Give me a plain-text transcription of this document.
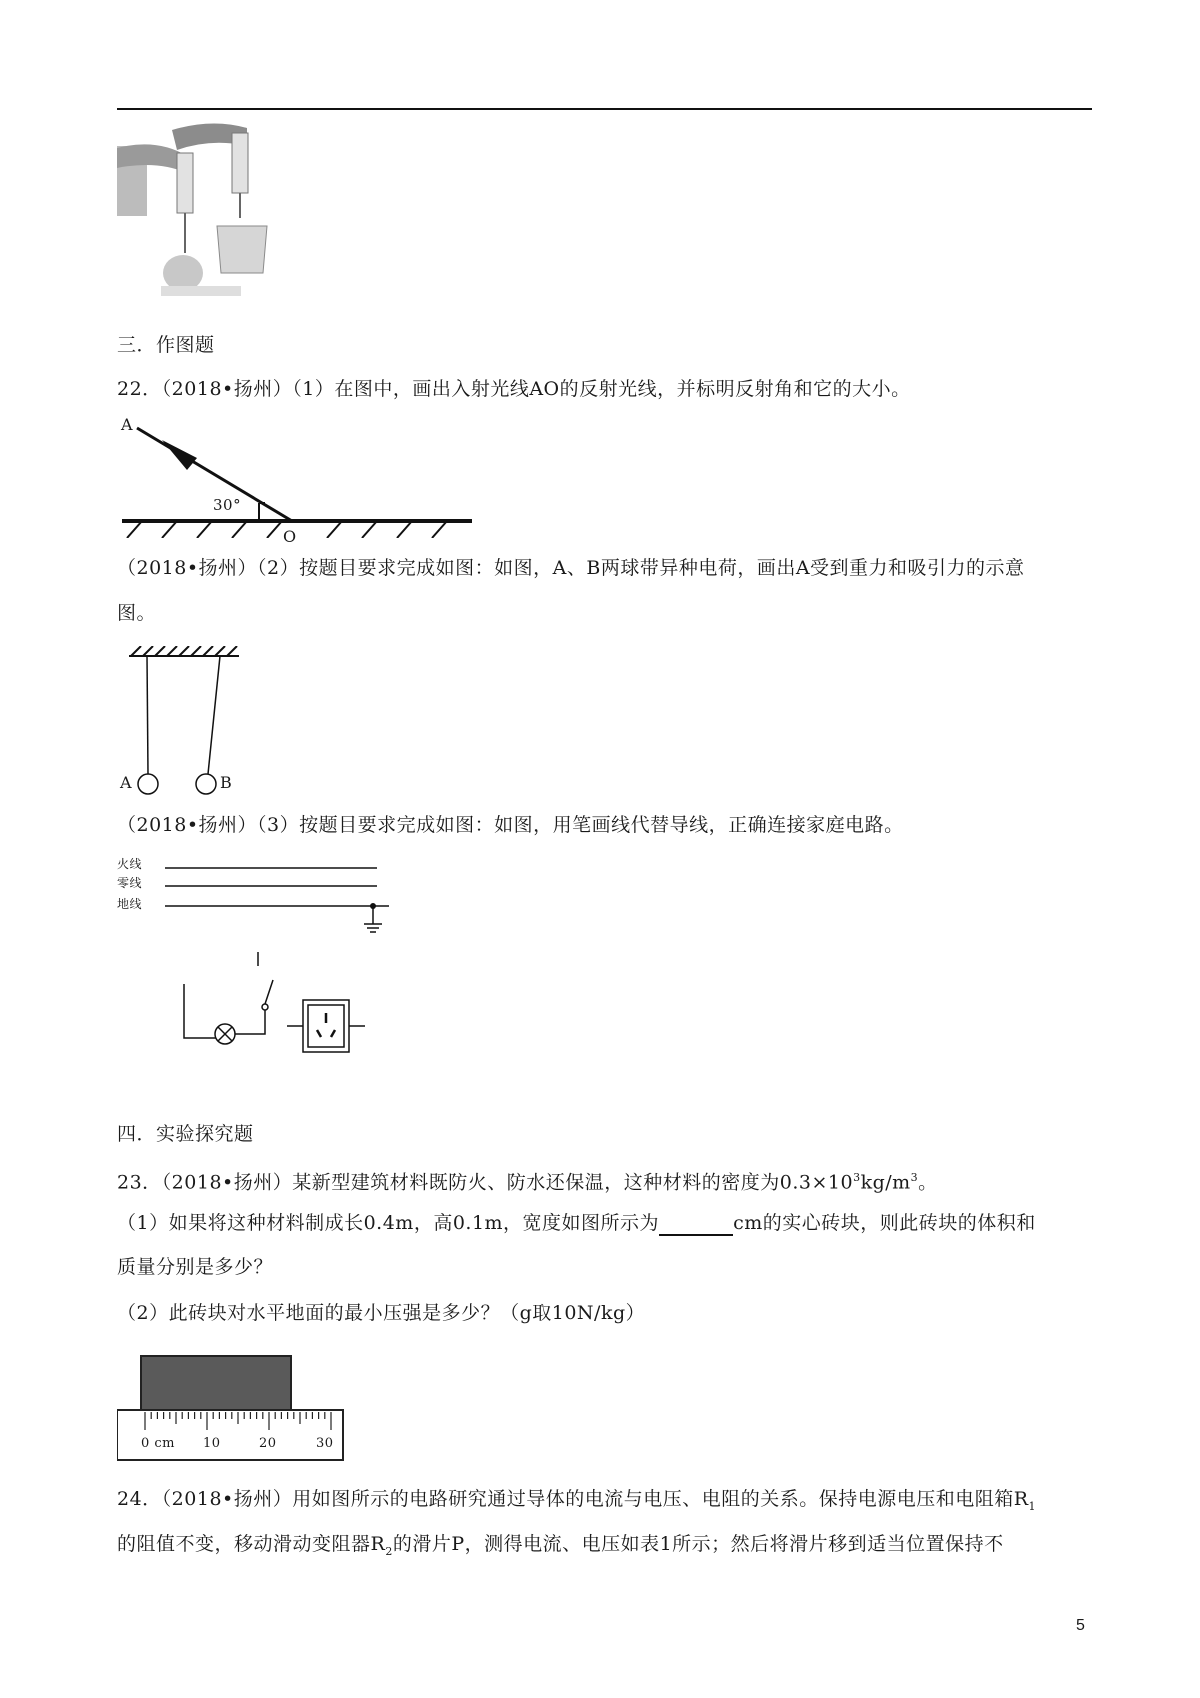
三．作图题
22．（2018•扬州）（1）在图中，画出入射光线AO的反射光线，并标明反射角和它的大小。
A
30°
O
（2018•扬州）（2）按题目要求完成如图：如图，A、B两球带异种电荷，画出A受到重力和吸引力的示意
图。
A	B
（2018•扬州）（3）按题目要求完成如图：如图，用笔画线代替导线，正确连接家庭电路。
火线
零线
地线
四．实验探究题
23．（2018•扬州）某新型建筑材料既防火、防水还保温，这种材料的密度为$0.3\times 10^3kg/m^3$。
（1）如果将这种材料制成长0.4m，高0.1m，宽度如图所示为	cm的实心砖块，则此砖块的体积和
质量分别是多少？
（2）此砖块对水平地面的最小压强是多少？（g取10N/kg）
0 cm 10	20	30
24．（2018•扬州）用如图所示的电路研究通过导体的电流与电压、电阻的关系。保持电源电压和电阻箱$R_1$
的阻值不变，移动滑动变阻器$R_2$的滑片P，测得电流、电压如表1所示；然后将滑片移到适当位置保持不
5
